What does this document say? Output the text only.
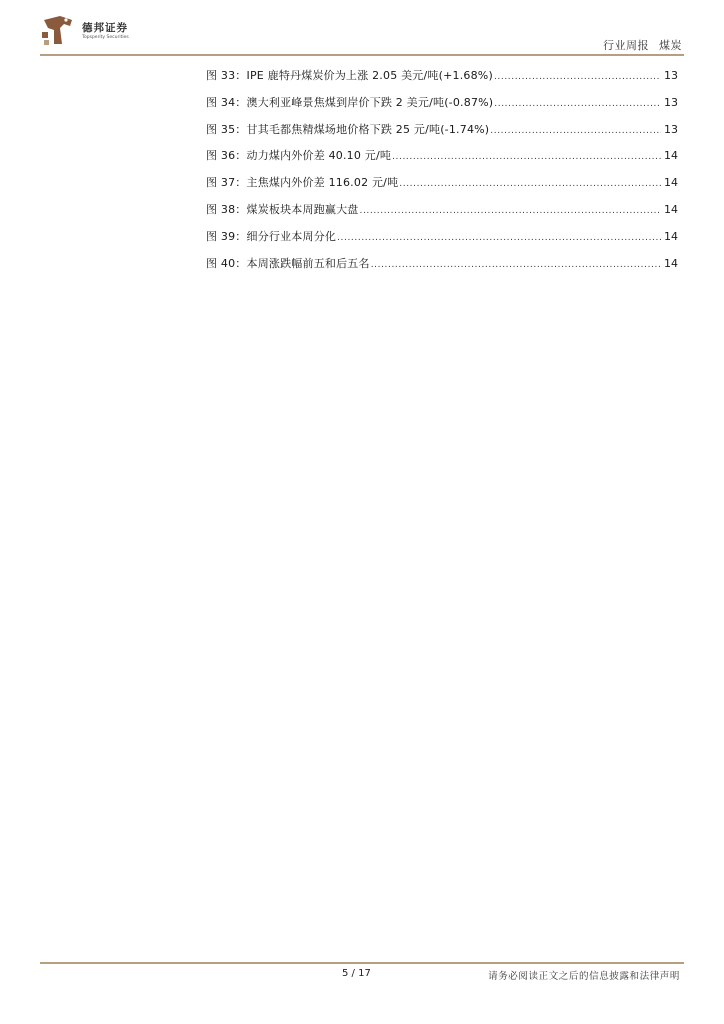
德邦证券
Topsperity Securities
行业周报 煤炭
图 33：IPE 鹿特丹煤炭价为上涨 2.05 美元/吨(+1.68%) .....	13
图 34：澳大利亚峰景焦煤到岸价下跌 2 美元/吨(-0.87%) .....	13
图 35：甘其毛都焦精煤场地价格下跌 25 元/吨(-1.74%) .....	13
图 36：动力煤内外价差 40.10 元/吨 .....	14
图 37：主焦煤内外价差 116.02 元/吨 .....	14
图 38：煤炭板块本周跑赢大盘 .....	14
图 39：细分行业本周分化 .....	14
图 40：本周涨跌幅前五和后五名 .....	14
5 / 17	请务必阅读正文之后的信息披露和法律声明
